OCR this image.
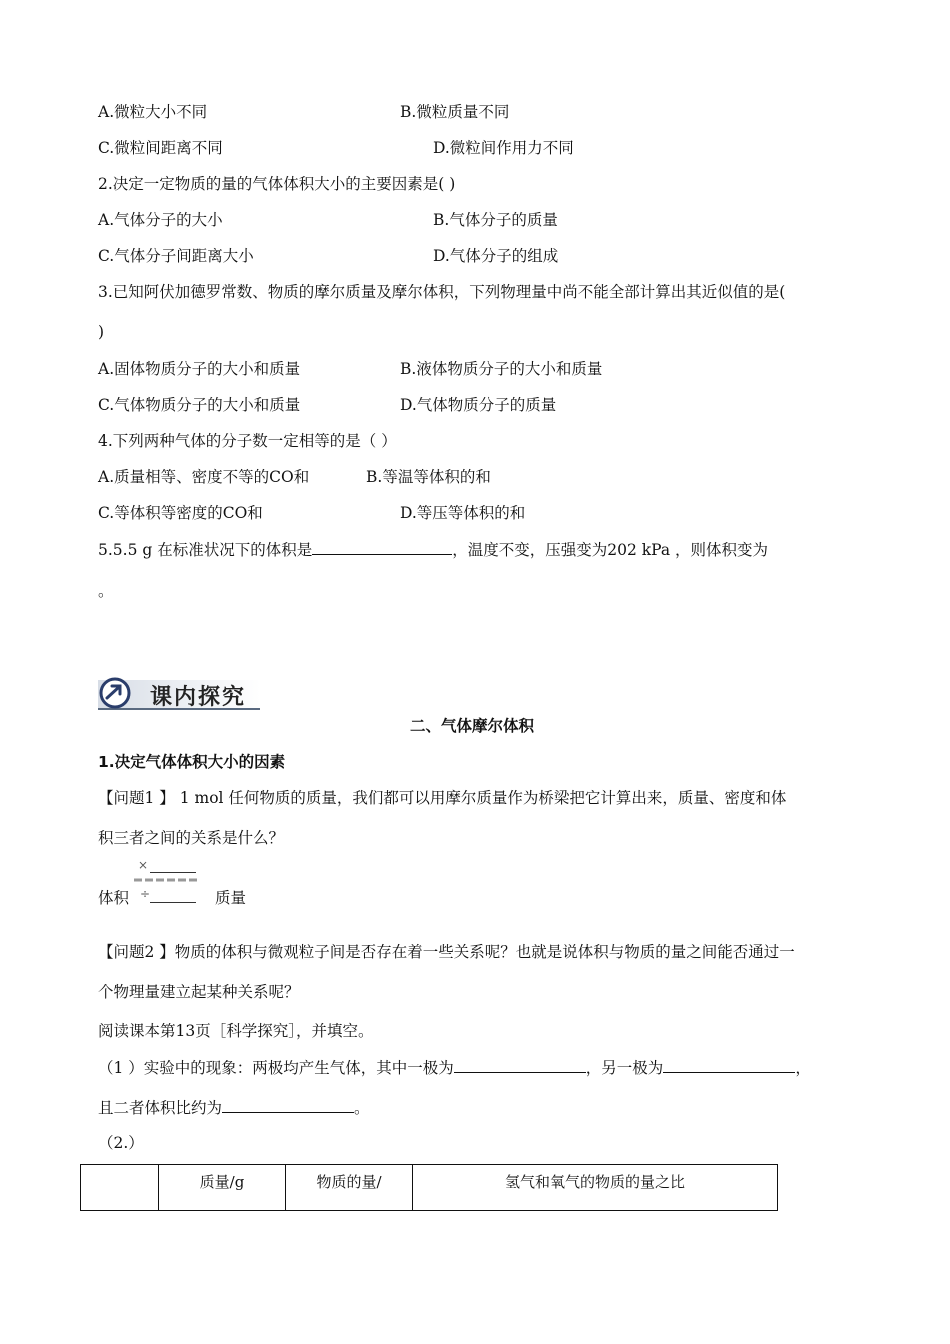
A.微粒大小不同	B.微粒质量不同
C.微粒间距离不同	D.微粒间作用力不同
2.决定一定物质的量的气体体积大小的主要因素是( )
A.气体分子的大小	B.气体分子的质量
C.气体分子间距离大小	D.气体分子的组成
3.已知阿伏加德罗常数、物质的摩尔质量及摩尔体积，下列物理量中尚不能全部计算出其近似值的是(
)
A.固体物质分子的大小和质量	B.液体物质分子的大小和质量
C.气体物质分子的大小和质量	D.气体物质分子的质量
4.下列两种气体的分子数一定相等的是（ ）
A.质量相等、密度不等的CO和	B.等温等体积的和
C.等体积等密度的CO和	D.等压等体积的和
5.5.5 g 在标准状况下的体积是	，温度不变，压强变为202 kPa ，则体积变为
。
课内探究
二、气体摩尔体积
1.决定气体体积大小的因素
【问题1 】 1 mol 任何物质的质量，我们都可以用摩尔质量作为桥梁把它计算出来，质量、密度和体
积三者之间的关系是什么？
×
体积 ÷	质量
【问题2 】物质的体积与微观粒子间是否存在着一些关系呢？也就是说体积与物质的量之间能否通过一
个物理量建立起某种关系呢？
阅读课本第13页［科学探究］，并填空。
（1 ）实验中的现象：两极均产生气体，其中一极为	，另一极为	，
且二者体积比约为	。
（2.）
	质量/g	物质的量/	氢气和氧气的物质的量之比
